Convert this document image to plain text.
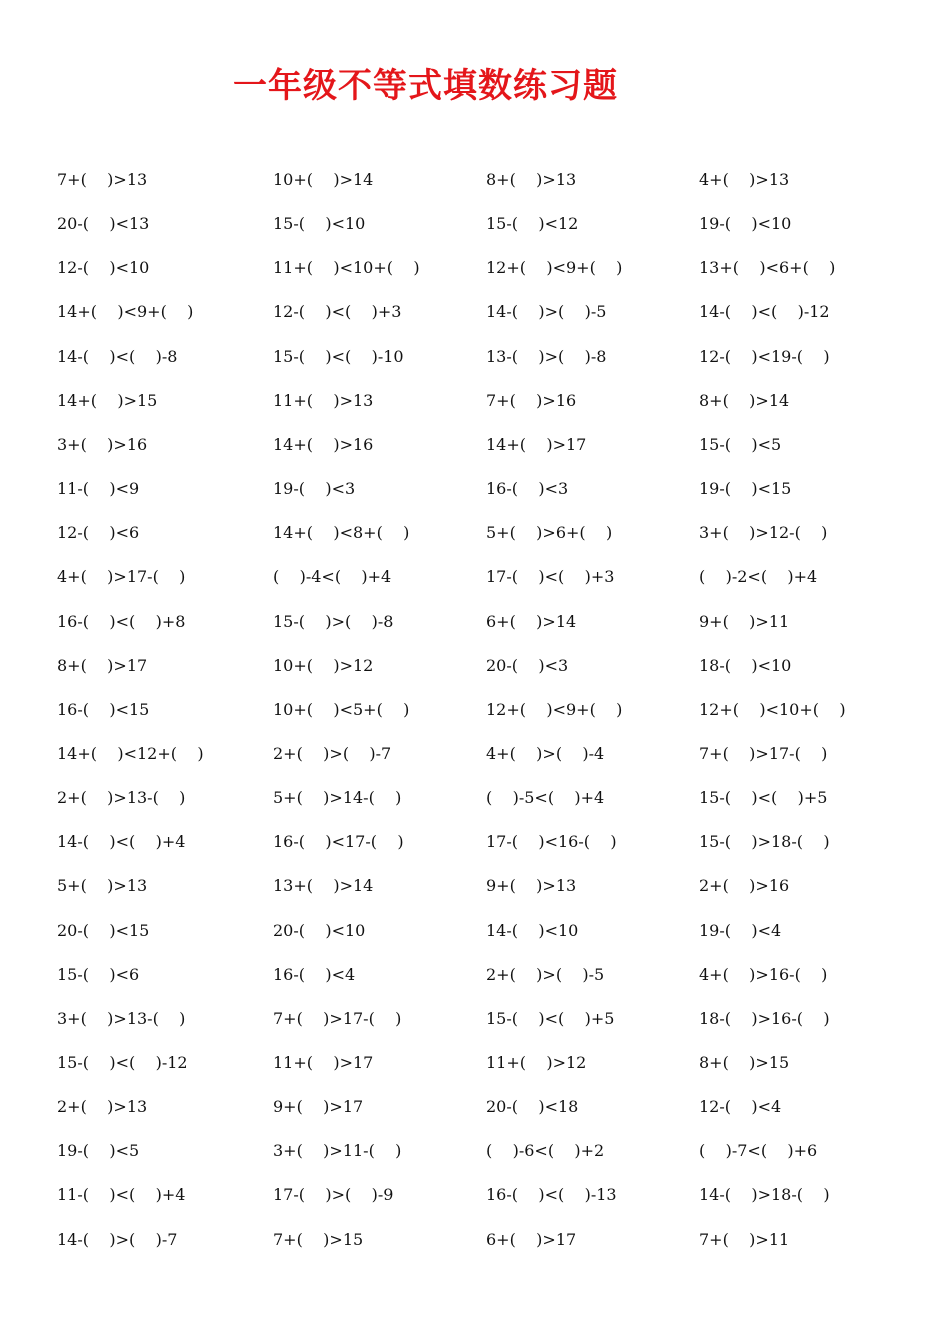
一年级不等式填数练习题
7+(    )>13	10+(    )>14	8+(    )>13	4+(    )>13
20-(    )<13	15-(    )<10	15-(    )<12	19-(    )<10
12-(    )<10	11+(    )<10+(    )	12+(    )<9+(    )	13+(    )<6+(    )
14+(    )<9+(    )	12-(    )<(    )+3	14-(    )>(    )-5	14-(    )<(    )-12
14-(    )<(    )-8	15-(    )<(    )-10	13-(    )>(    )-8	12-(    )<19-(    )
14+(    )>15	11+(    )>13	7+(    )>16	8+(    )>14
3+(    )>16	14+(    )>16	14+(    )>17	15-(    )<5
11-(    )<9	19-(    )<3	16-(    )<3	19-(    )<15
12-(    )<6	14+(    )<8+(    )	5+(    )>6+(    )	3+(    )>12-(    )
4+(    )>17-(    )	(    )-4<(    )+4	17-(    )<(    )+3	(    )-2<(    )+4
16-(    )<(    )+8	15-(    )>(    )-8	6+(    )>14	9+(    )>11
8+(    )>17	10+(    )>12	20-(    )<3	18-(    )<10
16-(    )<15	10+(    )<5+(    )	12+(    )<9+(    )	12+(    )<10+(    )
14+(    )<12+(    )	2+(    )>(    )-7	4+(    )>(    )-4	7+(    )>17-(    )
2+(    )>13-(    )	5+(    )>14-(    )	(    )-5<(    )+4	15-(    )<(    )+5
14-(    )<(    )+4	16-(    )<17-(    )	17-(    )<16-(    )	15-(    )>18-(    )
5+(    )>13	13+(    )>14	9+(    )>13	2+(    )>16
20-(    )<15	20-(    )<10	14-(    )<10	19-(    )<4
15-(    )<6	16-(    )<4	2+(    )>(    )-5	4+(    )>16-(    )
3+(    )>13-(    )	7+(    )>17-(    )	15-(    )<(    )+5	18-(    )>16-(    )
15-(    )<(    )-12	11+(    )>17	11+(    )>12	8+(    )>15
2+(    )>13	9+(    )>17	20-(    )<18	12-(    )<4
19-(    )<5	3+(    )>11-(    )	(    )-6<(    )+2	(    )-7<(    )+6
11-(    )<(    )+4	17-(    )>(    )-9	16-(    )<(    )-13	14-(    )>18-(    )
14-(    )>(    )-7	7+(    )>15	6+(    )>17	7+(    )>11
